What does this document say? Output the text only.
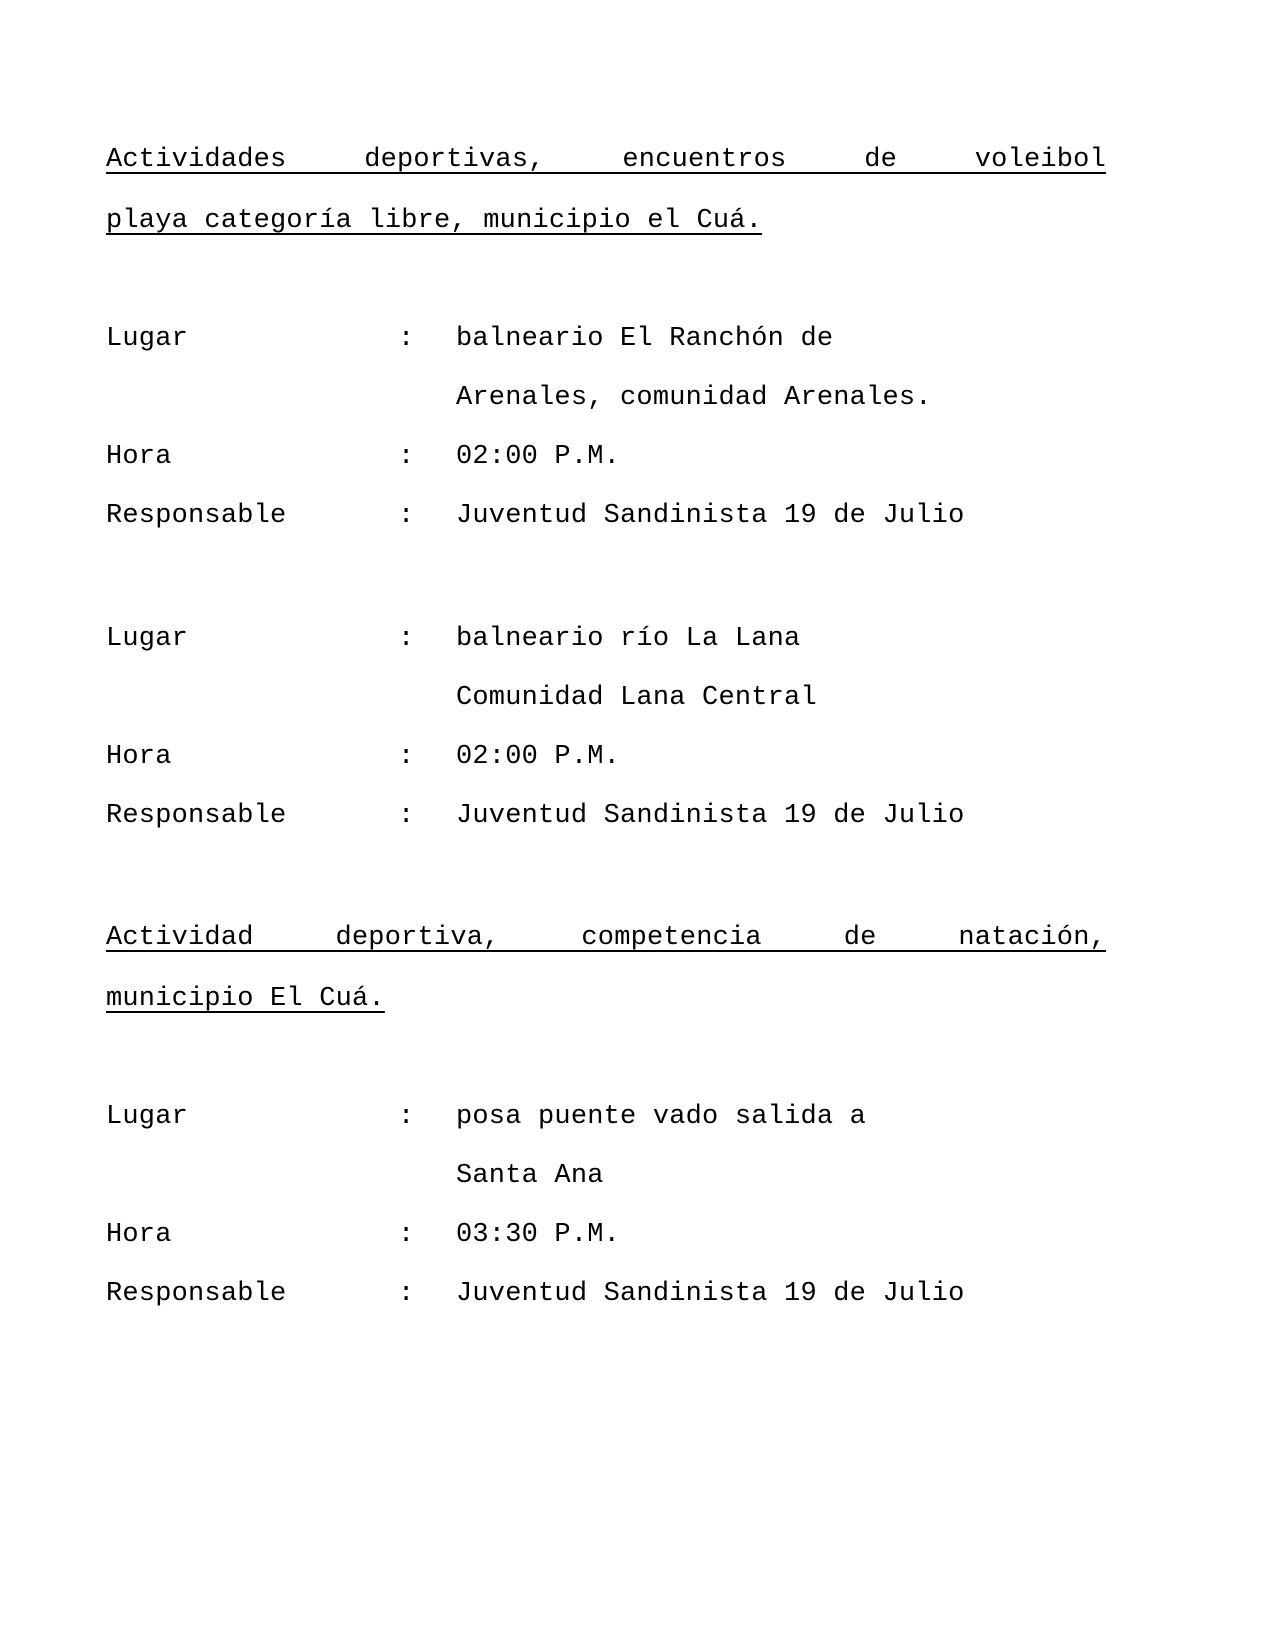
Actividades deportivas, encuentros de voleibol
playa categoría libre, municipio el Cuá.
Lugar	:	balneario El Ranchón de
Arenales, comunidad Arenales.
Hora	:	02:00 P.M.
Responsable	:	Juventud Sandinista 19 de Julio
Lugar	:	balneario río La Lana
Comunidad Lana Central
Hora	:	02:00 P.M.
Responsable	:	Juventud Sandinista 19 de Julio
Actividad deportiva, competencia de natación,
municipio El Cuá.
Lugar	:	posa puente vado salida a
Santa Ana
Hora	:	03:30 P.M.
Responsable	:	Juventud Sandinista 19 de Julio
